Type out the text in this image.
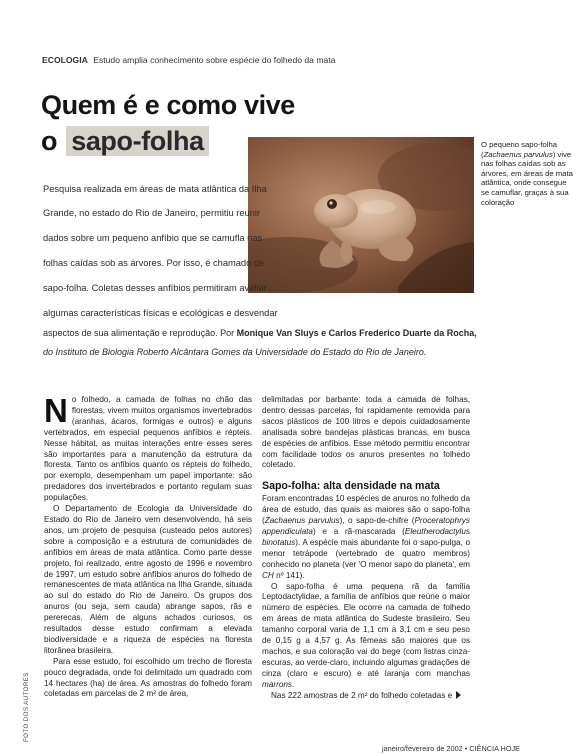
ECOLOGIA Estudo amplia conhecimento sobre espécie do folhedo da mata
Quem é e como vive
o sapo-folha	O pequeno sapo-folha (Zachaenus parvulus) vive nas folhas caídas sob as árvores, em áreas de mata atlântica, onde consegue se camuflar, graças à sua coloração
Pesquisa realizada em áreas de mata atlântica da Ilha
Grande, no estado do Rio de Janeiro, permitiu reunir
dados sobre um pequeno anfíbio que se camufla nas
folhas caídas sob as árvores. Por isso, é chamado de
sapo-folha. Coletas desses anfíbios permitiram avaliar
algumas características físicas e ecológicas e desvendar
aspectos de sua alimentação e reprodução. Por Monique Van Sluys e Carlos Frederico Duarte da Rocha,
do Instituto de Biologia Roberto Alcântara Gomes da Universidade do Estado do Rio de Janeiro.

No folhedo, a camada de folhas no chão das florestas, vivem muitos organismos invertebrados (aranhas, ácaros, formigas e outros) e alguns vertebrados, em especial pequenos anfíbios e répteis. Nesse hábitat, as muitas interações entre esses seres são importantes para a manutenção da estrutura da floresta. Tanto os anfíbios quanto os répteis do folhedo, por exemplo, desempenham um papel importante: são predadores dos invertebrados e portanto regulam suas populações.

O Departamento de Ecologia da Universidade do Estado do Rio de Janeiro vem desenvolvendo, há seis anos, um projeto de pesquisa (custeado pelos autores) sobre a composição e a estrutura de comunidades de anfíbios em áreas de mata atlântica. Como parte desse projeto, foi realizado, entre agosto de 1996 e novembro de 1997, um estudo sobre anfíbios anuros do folhedo de remanescentes de mata atlântica na Ilha Grande, situada ao sul do estado do Rio de Janeiro. Os grupos dos anuros (ou seja, sem cauda) abrange sapos, rãs e pererecas. Além de alguns achados curiosos, os resultados desse estudo confirmam a elevada biodiversidade e a riqueza de espécies na floresta litorânea brasileira.

Para esse estudo, foi escolhido um trecho de floresta pouco degradada, onde foi delimitado um quadrado com 14 hectares (ha) de área. As amostras do folhedo foram coletadas em parcelas de 2 m² de área,

delimitadas por barbante: toda a camada de folhas, dentro dessas parcelas, foi rapidamente removida para sacos plásticos de 100 litros e depois cuidadosamente analisada sobre bandejas plásticas brancas, em busca de espécies de anfíbios. Esse método permitiu encontrar com facilidade todos os anuros presentes no folhedo coletado.

Sapo-folha: alta densidade na mata

Foram encontradas 10 espécies de anuros no folhedo da área de estudo, das quais as maiores são o sapo-folha (Zachaenus parvulus), o sapo-de-chifre (Proceratophrys appendiculata) e a rã-mascarada (Eleutherodactylus binotatus). A espécie mais abundante foi o sapo-pulga, o menor tetrápode (vertebrado de quatro membros) conhecido no planeta (ver 'O menor sapo do planeta', em CH nº 141).

O sapo-folha é uma pequena rã da família Leptodactylidae, a família de anfíbios que reúne o maior número de espécies. Ele ocorre na camada de folhedo em áreas de mata atlântica do Sudeste brasileiro. Seu tamanho corporal varia de 1,1 cm a 3,1 cm e seu peso de 0,15 g a 4,57 g. As fêmeas são maiores que os machos, e sua coloração vai do bege (com listras cinza-escuras, ao verde-claro, incluindo algumas gradações de cinza (claro e escuro) e até laranja com manchas marrons.

Nas 222 amostras de 2 m² do folhedo coletadas e

FOTO DOS AUTORES
janeiro/fevereiro de 2002 • CIÊNCIA HOJE
